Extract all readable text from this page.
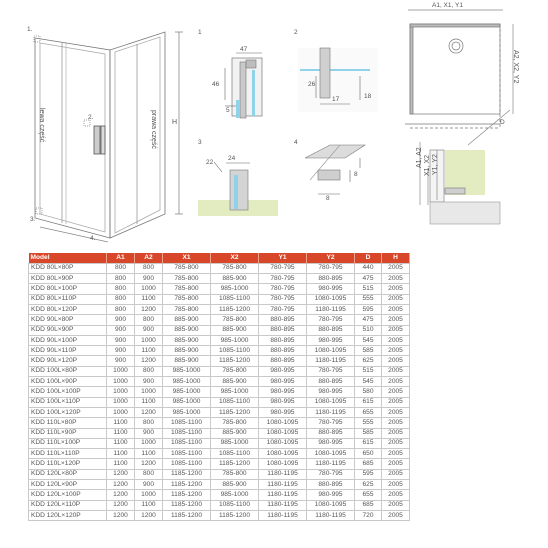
1.
2.
3.
4.
lewa część	prawa część H
1
47
46
5
2
26
17	18
3
24
22
4
8
8
A1, X1, Y1
A2, X2, Y2
D
A1, A2 X1, X2 Y1, Y2
Model	A1	A2	X1	X2	Y1	Y2	D	H
KDD 80L×80P	800	800	785-800	785-800	780-795	780-795	440	2005
KDD 80L×90P	800	900	785-800	885-900	780-795	880-895	475	2005
KDD 80L×100P	800	1000	785-800	985-1000	780-795	980-995	515	2005
KDD 80L×110P	800	1100	785-800	1085-1100	780-795	1080-1095	555	2005
KDD 80L×120P	800	1200	785-800	1185-1200	780-795	1180-1195	595	2005
KDD 90L×80P	900	800	885-900	785-800	880-895	780-795	475	2005
KDD 90L×90P	900	900	885-900	885-900	880-895	880-895	510	2005
KDD 90L×100P	900	1000	885-900	985-1000	880-895	980-995	545	2005
KDD 90L×110P	900	1100	885-900	1085-1100	880-895	1080-1095	585	2005
KDD 90L×120P	900	1200	885-900	1185-1200	880-895	1180-1195	625	2005
KDD 100L×80P	1000	800	985-1000	785-800	980-995	780-795	515	2005
KDD 100L×90P	1000	900	985-1000	885-900	980-995	880-895	545	2005
KDD 100L×100P	1000	1000	985-1000	985-1000	980-995	980-995	580	2005
KDD 100L×110P	1000	1100	985-1000	1085-1100	980-995	1080-1095	615	2005
KDD 100L×120P	1000	1200	985-1000	1185-1200	980-995	1180-1195	655	2005
KDD 110L×80P	1100	800	1085-1100	785-800	1080-1095	780-795	555	2005
KDD 110L×90P	1100	900	1085-1100	885-900	1080-1095	880-895	585	2005
KDD 110L×100P	1100	1000	1085-1100	985-1000	1080-1095	980-995	615	2005
KDD 110L×110P	1100	1100	1085-1100	1085-1100	1080-1095	1080-1095	650	2005
KDD 110L×120P	1100	1200	1085-1100	1185-1200	1080-1095	1180-1195	685	2005
KDD 120L×80P	1200	800	1185-1200	785-800	1180-1195	780-795	595	2005
KDD 120L×90P	1200	900	1185-1200	885-900	1180-1195	880-895	625	2005
KDD 120L×100P	1200	1000	1185-1200	985-1000	1180-1195	980-995	655	2005
KDD 120L×110P	1200	1100	1185-1200	1085-1100	1180-1195	1080-1095	685	2005
KDD 120L×120P	1200	1200	1185-1200	1185-1200	1180-1195	1180-1195	720	2005
